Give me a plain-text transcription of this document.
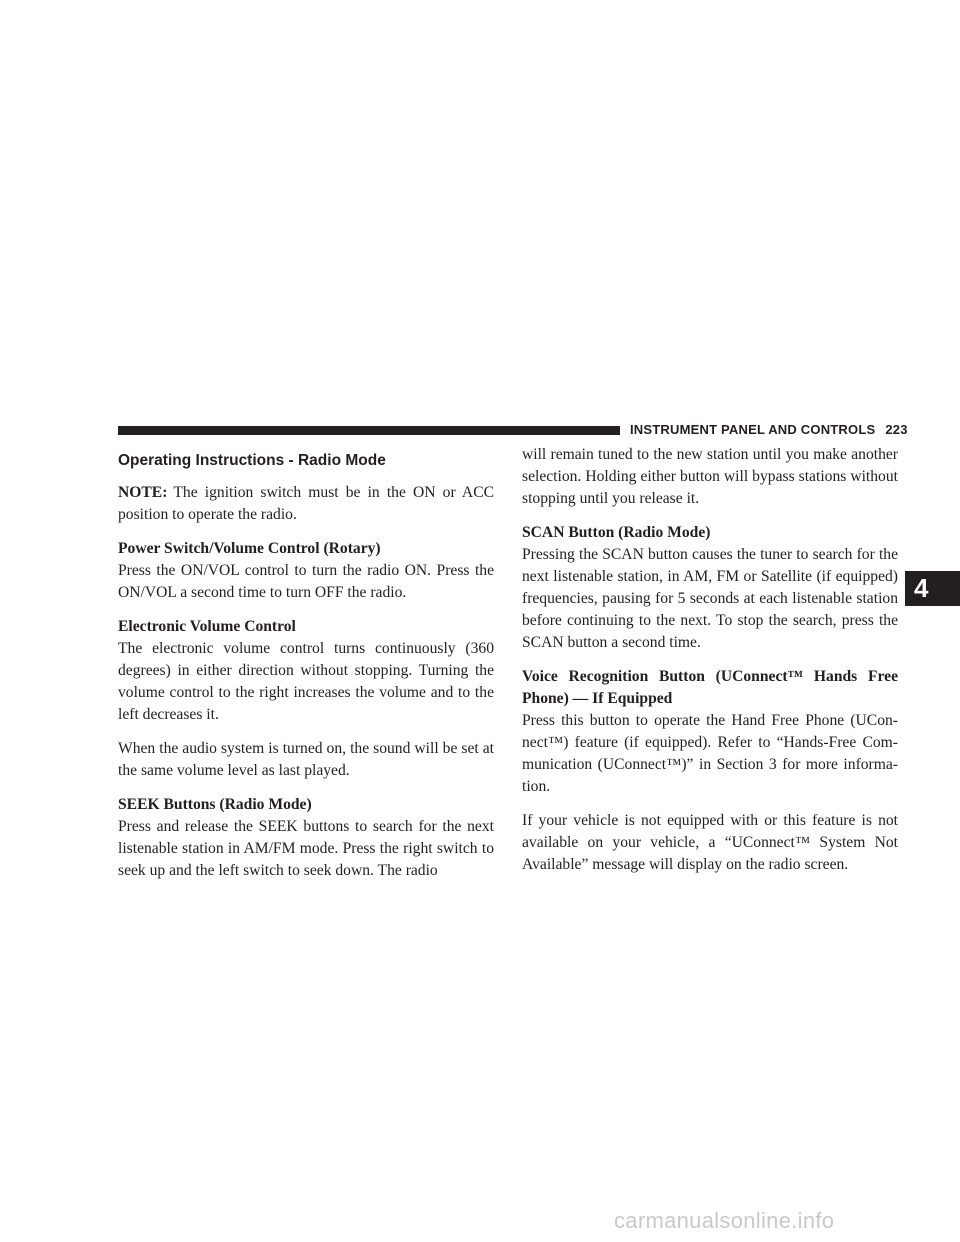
INSTRUMENT PANEL AND CONTROLS 223
4
Operating Instructions - Radio Mode

NOTE: The ignition switch must be in the ON or ACC position to operate the radio.

Power Switch/Volume Control (Rotary)
Press the ON/VOL control to turn the radio ON. Press the ON/VOL a second time to turn OFF the radio.

Electronic Volume Control
The electronic volume control turns continuously (360 degrees) in either direction without stopping. Turning the volume control to the right increases the volume and to the left decreases it.

When the audio system is turned on, the sound will be set at the same volume level as last played.

SEEK Buttons (Radio Mode)
Press and release the SEEK buttons to search for the next listenable station in AM/FM mode. Press the right switch to seek up and the left switch to seek down. The radio

will remain tuned to the new station until you make another selection. Holding either button will bypass stations without stopping until you release it.

SCAN Button (Radio Mode)
Pressing the SCAN button causes the tuner to search for the next listenable station, in AM, FM or Satellite (if equipped) frequencies, pausing for 5 seconds at each listenable station before continuing to the next. To stop the search, press the SCAN button a second time.

Voice Recognition Button (UConnect™ Hands Free Phone) — If Equipped
Press this button to operate the Hand Free Phone (UCon-nect™) feature (if equipped). Refer to “Hands-Free Com-munication (UConnect™)” in Section 3 for more informa-tion.

If your vehicle is not equipped with or this feature is not available on your vehicle, a “UConnect™ System Not Available” message will display on the radio screen.

carmanualsonline.info
